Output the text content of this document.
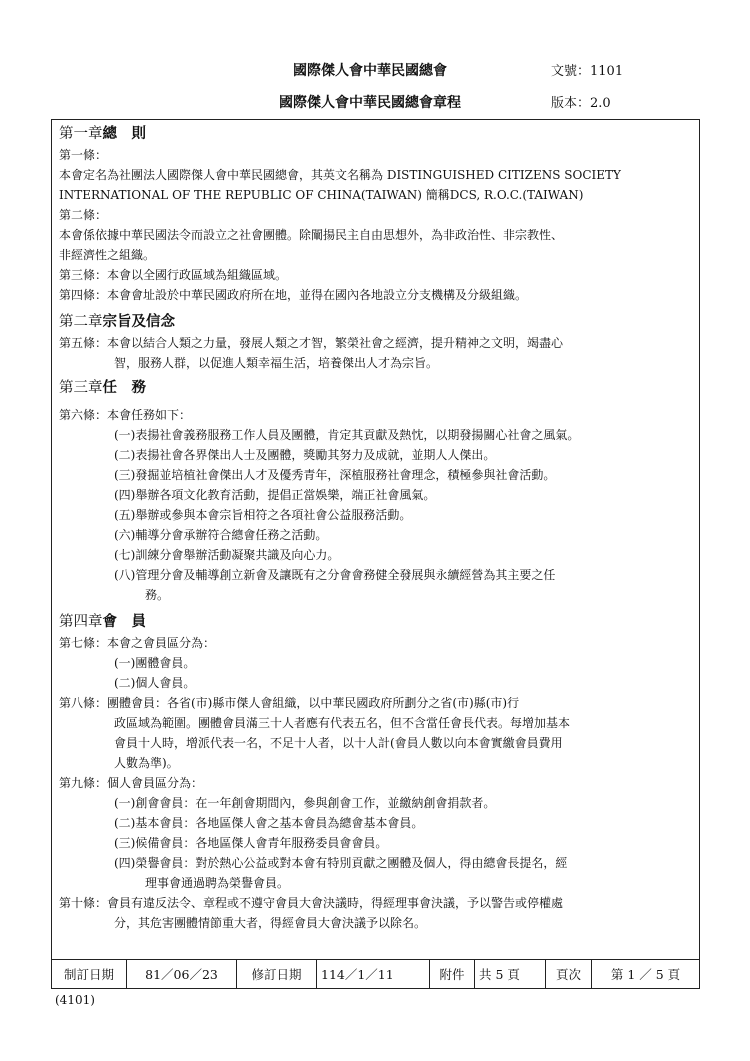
國際傑人會中華民國總會	文號：1101
國際傑人會中華民國總會章程	版本：2.0
第一章總　則
第一條：
本會定名為社團法人國際傑人會中華民國總會，其英文名稱為 DISTINGUISHED CITIZENS SOCIETY
INTERNATIONAL OF THE REPUBLIC OF CHINA(TAIWAN) 簡稱DCS, R.O.C.(TAIWAN)
第二條：
本會係依據中華民國法令而設立之社會團體。除闡揚民主自由思想外，為非政治性、非宗教性、
非經濟性之組織。
第三條：本會以全國行政區域為組織區域。
第四條：本會會址設於中華民國政府所在地，並得在國內各地設立分支機構及分級組織。
第二章宗旨及信念
第五條：本會以結合人類之力量，發展人類之才智，繁榮社會之經濟，提升精神之文明，竭盡心
智，服務人群，以促進人類幸福生活，培養傑出人才為宗旨。
第三章任　務
第六條：本會任務如下：
(一)表揚社會義務服務工作人員及團體，肯定其貢獻及熱忱，以期發揚關心社會之風氣。
(二)表揚社會各界傑出人士及團體，獎勵其努力及成就，並期人人傑出。
(三)發掘並培植社會傑出人才及優秀青年，深植服務社會理念，積極參與社會活動。
(四)舉辦各項文化教育活動，提倡正當娛樂，端正社會風氣。
(五)舉辦或參與本會宗旨相符之各項社會公益服務活動。
(六)輔導分會承辦符合總會任務之活動。
(七)訓練分會舉辦活動凝聚共識及向心力。
(八)管理分會及輔導創立新會及讓既有之分會會務健全發展與永續經營為其主要之任
務。
第四章會　員
第七條：本會之會員區分為：
(一)團體會員。
(二)個人會員。
第八條：團體會員：各省(市)縣市傑人會組織，以中華民國政府所劃分之省(市)縣(市)行
政區域為範圍。團體會員滿三十人者應有代表五名，但不含當任會長代表。每增加基本
會員十人時，增派代表一名，不足十人者，以十人計(會員人數以向本會實繳會員費用
人數為準)。
第九條：個人會員區分為：
(一)創會會員：在一年創會期間內，參與創會工作，並繳納創會捐款者。
(二)基本會員：各地區傑人會之基本會員為總會基本會員。
(三)候備會員：各地區傑人會青年服務委員會會員。
(四)榮譽會員：對於熱心公益或對本會有特別貢獻之團體及個人，得由總會長提名，經
理事會通過聘為榮譽會員。
第十條：會員有違反法令、章程或不遵守會員大會決議時，得經理事會決議，予以警告或停權處
分，其危害團體情節重大者，得經會員大會決議予以除名。
制訂日期	81／06／23	修訂日期	114／1／11	附件	共 5 頁	頁次	第 1 ／ 5 頁
(4101)
